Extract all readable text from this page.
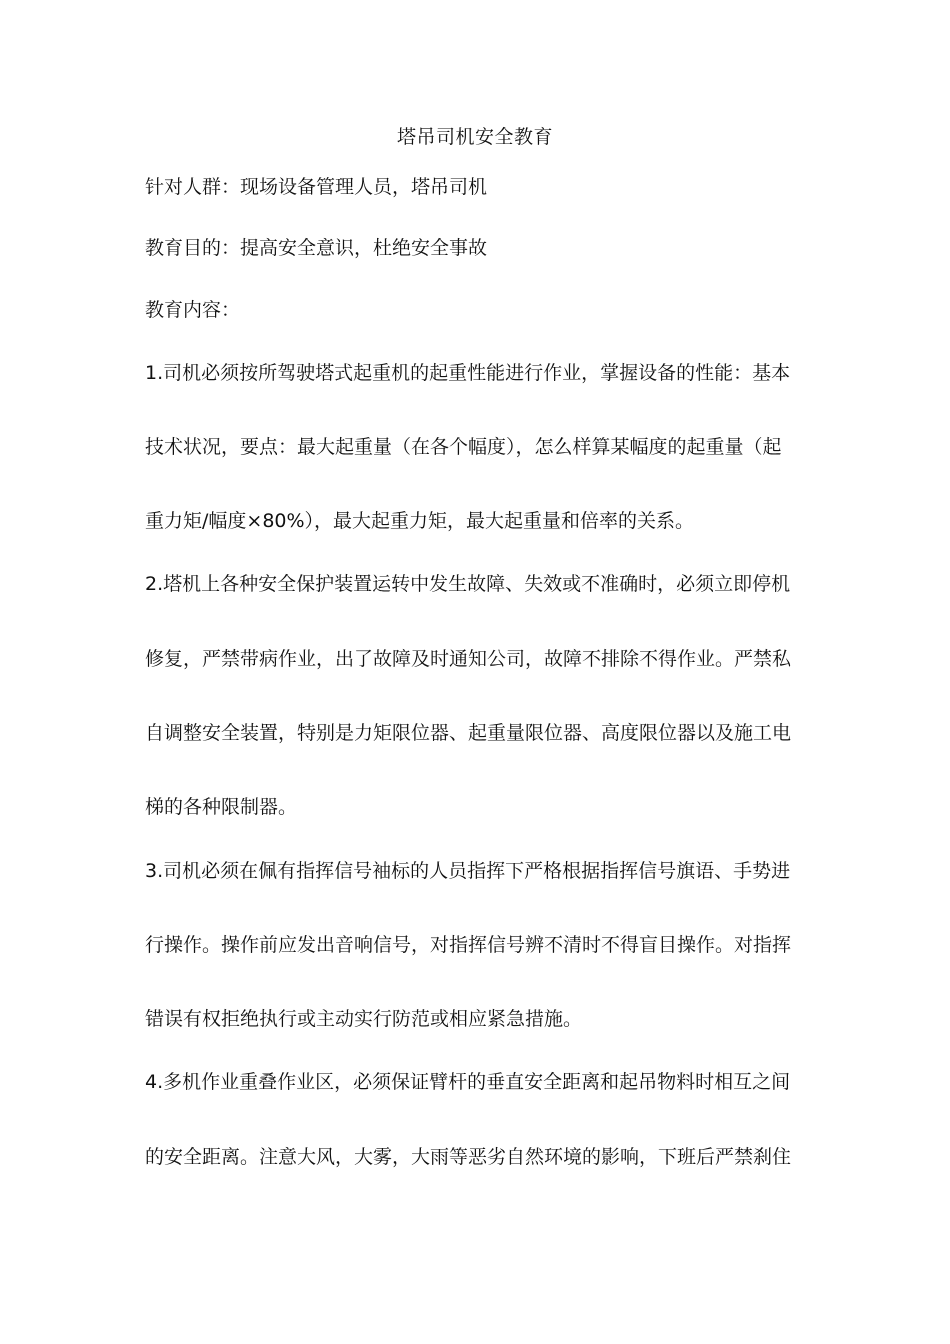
塔吊司机安全教育
针对人群：现场设备管理人员，塔吊司机
教育目的：提高安全意识，杜绝安全事故
教育内容：
1.司机必须按所驾驶塔式起重机的起重性能进行作业，掌握设备的性能：基本
技术状况，要点：最大起重量（在各个幅度），怎么样算某幅度的起重量（起
重力矩/幅度×80%），最大起重力矩，最大起重量和倍率的关系。
2.塔机上各种安全保护装置运转中发生故障、失效或不准确时，必须立即停机
修复，严禁带病作业，出了故障及时通知公司，故障不排除不得作业。严禁私
自调整安全装置，特别是力矩限位器、起重量限位器、高度限位器以及施工电
梯的各种限制器。
3.司机必须在佩有指挥信号袖标的人员指挥下严格根据指挥信号旗语、手势进
行操作。操作前应发出音响信号，对指挥信号辨不清时不得盲目操作。对指挥
错误有权拒绝执行或主动实行防范或相应紧急措施。
4.多机作业重叠作业区，必须保证臂杆的垂直安全距离和起吊物料时相互之间
的安全距离。注意大风，大雾，大雨等恶劣自然环境的影响，下班后严禁刹住
